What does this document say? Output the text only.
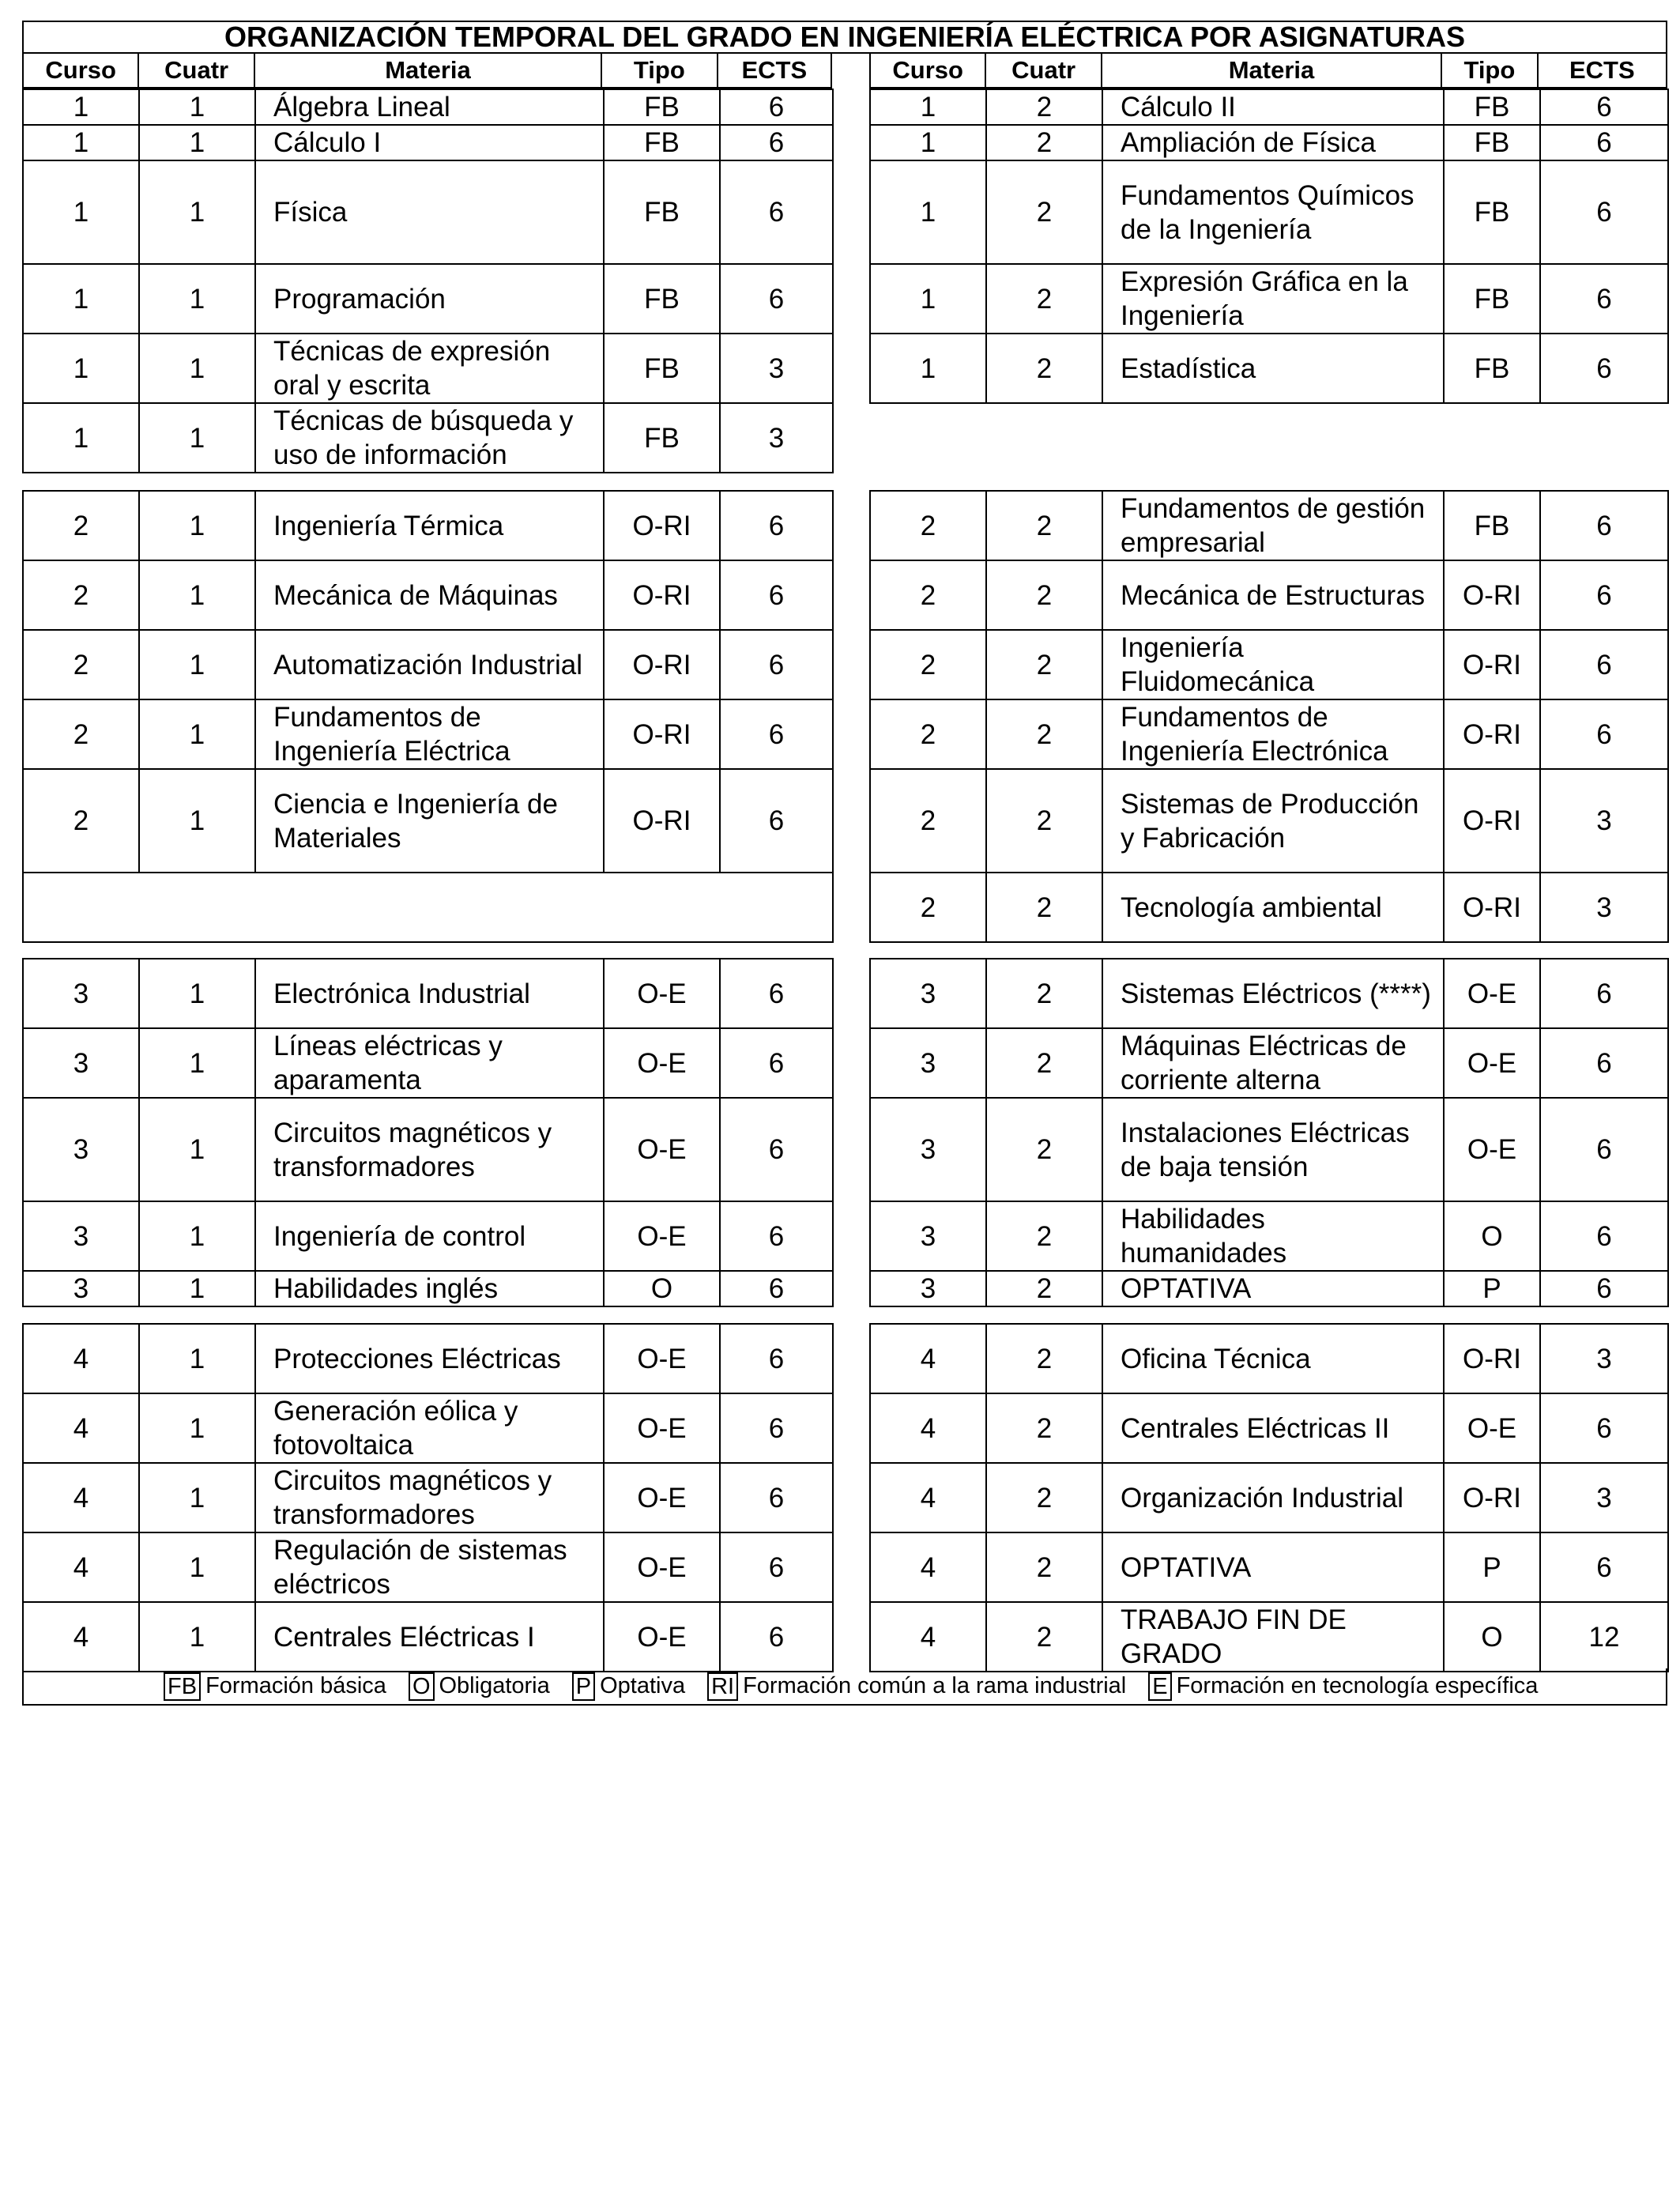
ORGANIZACIÓN TEMPORAL DEL GRADO EN INGENIERÍA ELÉCTRICA POR ASIGNATURAS
Curso	Cuatr	Materia	Tipo	ECTS	Curso	Cuatr	Materia	Tipo	ECTS
1	1	Álgebra Lineal	FB	6
1	1	Cálculo I	FB	6
1	1	Física	FB	6
1	1	Programación	FB	6
1	1	Técnicas de expresión oral y escrita	FB	3
1	1	Técnicas de búsqueda y uso de información	FB	3
2	1	Ingeniería Térmica	O-RI	6
2	1	Mecánica de Máquinas	O-RI	6
2	1	Automatización Industrial	O-RI	6
2	1	Fundamentos de Ingeniería Eléctrica	O-RI	6
2	1	Ciencia e Ingeniería de Materiales	O-RI	6

3	1	Electrónica Industrial	O-E	6
3	1	Líneas eléctricas y aparamenta	O-E	6
3	1	Circuitos magnéticos y transformadores	O-E	6
3	1	Ingeniería de control	O-E	6
3	1	Habilidades inglés	O	6
4	1	Protecciones Eléctricas	O-E	6
4	1	Generación eólica y fotovoltaica	O-E	6
4	1	Circuitos magnéticos y transformadores	O-E	6
4	1	Regulación de sistemas eléctricos	O-E	6
4	1	Centrales Eléctricas I	O-E	6
1	2	Cálculo II	FB	6
1	2	Ampliación de Física	FB	6
1	2	Fundamentos Químicos de la Ingeniería	FB	6
1	2	Expresión Gráfica en la Ingeniería	FB	6
1	2	Estadística	FB	6
2	2	Fundamentos de gestión empresarial	FB	6
2	2	Mecánica de Estructuras	O-RI	6
2	2	Ingeniería Fluidomecánica	O-RI	6
2	2	Fundamentos de Ingeniería Electrónica	O-RI	6
2	2	Sistemas de Producción y Fabricación	O-RI	3
2	2	Tecnología ambiental	O-RI	3
3	2	Sistemas Eléctricos (****)	O-E	6
3	2	Máquinas Eléctricas de corriente alterna	O-E	6
3	2	Instalaciones Eléctricas de baja tensión	O-E	6
3	2	Habilidades humanidades	O	6
3	2	OPTATIVA	P	6
4	2	Oficina Técnica	O-RI	3
4	2	Centrales Eléctricas II	O-E	6
4	2	Organización Industrial	O-RI	3
4	2	OPTATIVA	P	6
4	2	TRABAJO FIN DE GRADO	O	12
FB Formación básica O Obligatoria P Optativa RI Formación común a la rama industrial E Formación en tecnología específica
